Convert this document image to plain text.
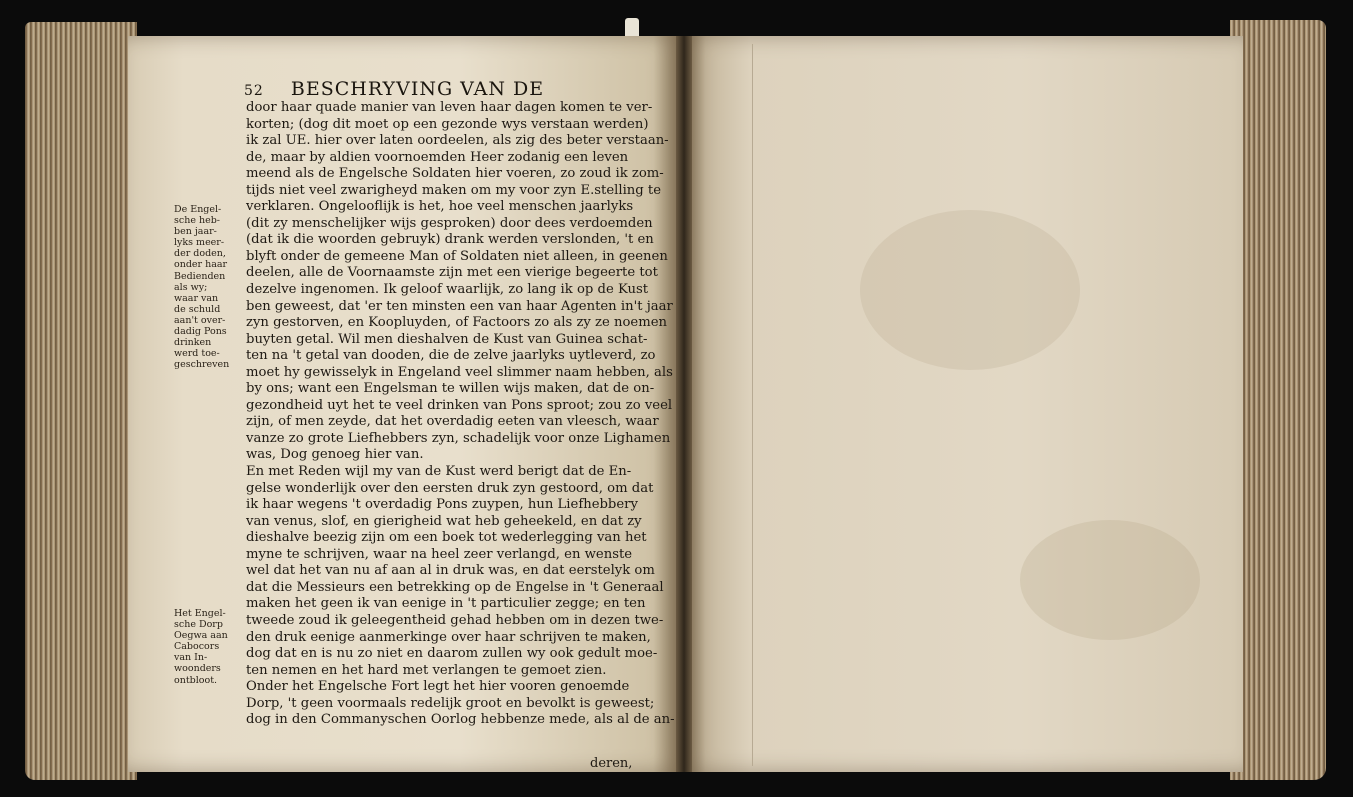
52 BESCHRYVING VAN DE
De Engel-
sche heb-
ben jaar-
lyks meer-
der doden,
onder haar
Bedienden
als wy;
waar van
de schuld
aan't over-
dadig Pons
drinken
werd toe-
geschreven
Het Engel-
sche Dorp
Oegwa aan
Cabocors
van In-
woonders
ontbloot.
door haar quade manier van leven haar dagen komen te ver-
korten; (dog dit moet op een gezonde wys verstaan werden)
ik zal UE. hier over laten oordeelen, als zig des beter verstaan-
de, maar by aldien voornoemden Heer zodanig een leven
meend als de Engelsche Soldaten hier voeren, zo zoud ik zom-
tijds niet veel zwarigheyd maken om my voor zyn E.stelling te
verklaren. Ongelooflijk is het, hoe veel menschen jaarlyks
(dit zy menschelijker wijs gesproken) door dees verdoemden
(dat ik die woorden gebruyk) drank werden verslonden, 't en
blyft onder de gemeene Man of Soldaten niet alleen, in geenen
deelen, alle de Voornaamste zijn met een vierige begeerte tot
dezelve ingenomen. Ik geloof waarlijk, zo lang ik op de Kust
ben geweest, dat 'er ten minsten een van haar Agenten in't jaar
zyn gestorven, en Koopluyden, of Factoors zo als zy ze noemen
buyten getal. Wil men dieshalven de Kust van Guinea schat-
ten na 't getal van dooden, die de zelve jaarlyks uytleverd, zo
moet hy gewisselyk in Engeland veel slimmer naam hebben, als
by ons; want een Engelsman te willen wijs maken, dat de on-
gezondheid uyt het te veel drinken van Pons sproot; zou zo veel
zijn, of men zeyde, dat het overdadig eeten van vleesch, waar
vanze zo grote Liefhebbers zyn, schadelijk voor onze Lighamen
was, Dog genoeg hier van.
En met Reden wijl my van de Kust werd berigt dat de En-
gelse wonderlijk over den eersten druk zyn gestoord, om dat
ik haar wegens 't overdadig Pons zuypen, hun Liefhebbery
van venus, slof, en gierigheid wat heb geheekeld, en dat zy
dieshalve beezig zijn om een boek tot wederlegging van het
myne te schrijven, waar na heel zeer verlangd, en wenste
wel dat het van nu af aan al in druk was, en dat eerstelyk om
dat die Messieurs een betrekking op de Engelse in 't Generaal
maken het geen ik van eenige in 't particulier zegge; en ten
tweede zoud ik geleegentheid gehad hebben om in dezen twe-
den druk eenige aanmerkinge over haar schrijven te maken,
dog dat en is nu zo niet en daarom zullen wy ook gedult moe-
ten nemen en het hard met verlangen te gemoet zien.
Onder het Engelsche Fort legt het hier vooren genoemde
Dorp, 't geen voormaals redelijk groot en bevolkt is geweest;
dog in den Commanyschen Oorlog hebbenze mede, als al de an-
deren,
